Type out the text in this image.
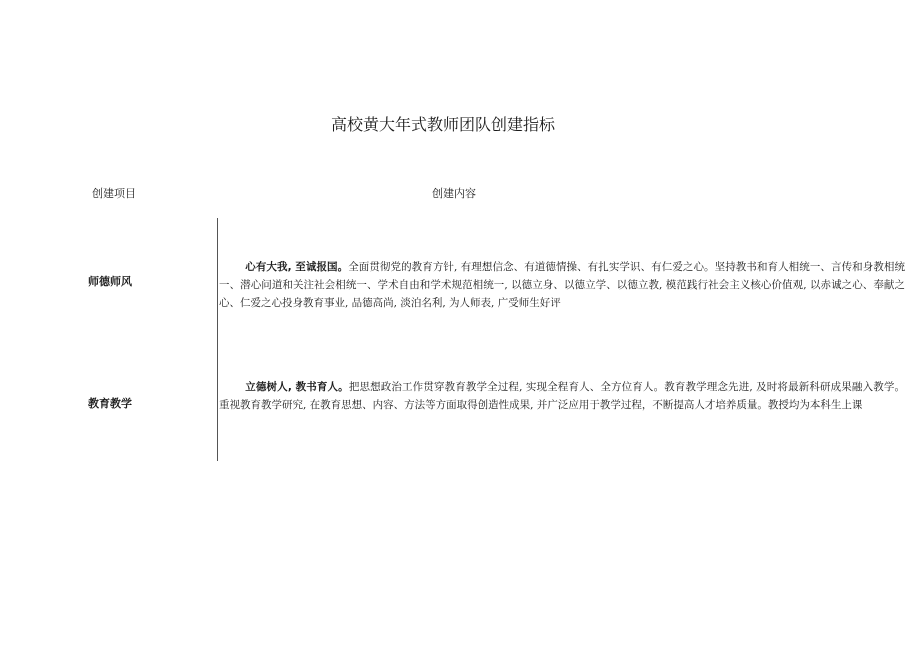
高校黄大年式教师团队创建指标
创建项目	创建内容
师德师风

心有大我, 至诚报国。全面贯彻党的教育方针, 有理想信念、有道德情操、有扎实学识、有仁爱之心。坚持教书和育人相统一、言传和身教相统一、潜心问道和关注社会相统一、学术自由和学术规范相统一, 以德立身、以德立学、以德立教, 模范践行社会主义核心价值观, 以赤诚之心、奉献之心、仁爱之心投身教育事业, 品德高尚, 淡泊名利, 为人师表, 广受师生好评

教育教学

立德树人, 教书育人。把思想政治工作贯穿教育教学全过程, 实现全程育人、全方位育人。教育教学理念先进, 及时将最新科研成果融入教学。重视教育教学研究, 在教育思想、内容、方法等方面取得创造性成果, 并广泛应用于教学过程，不断提高人才培养质量。教授均为本科生上课
